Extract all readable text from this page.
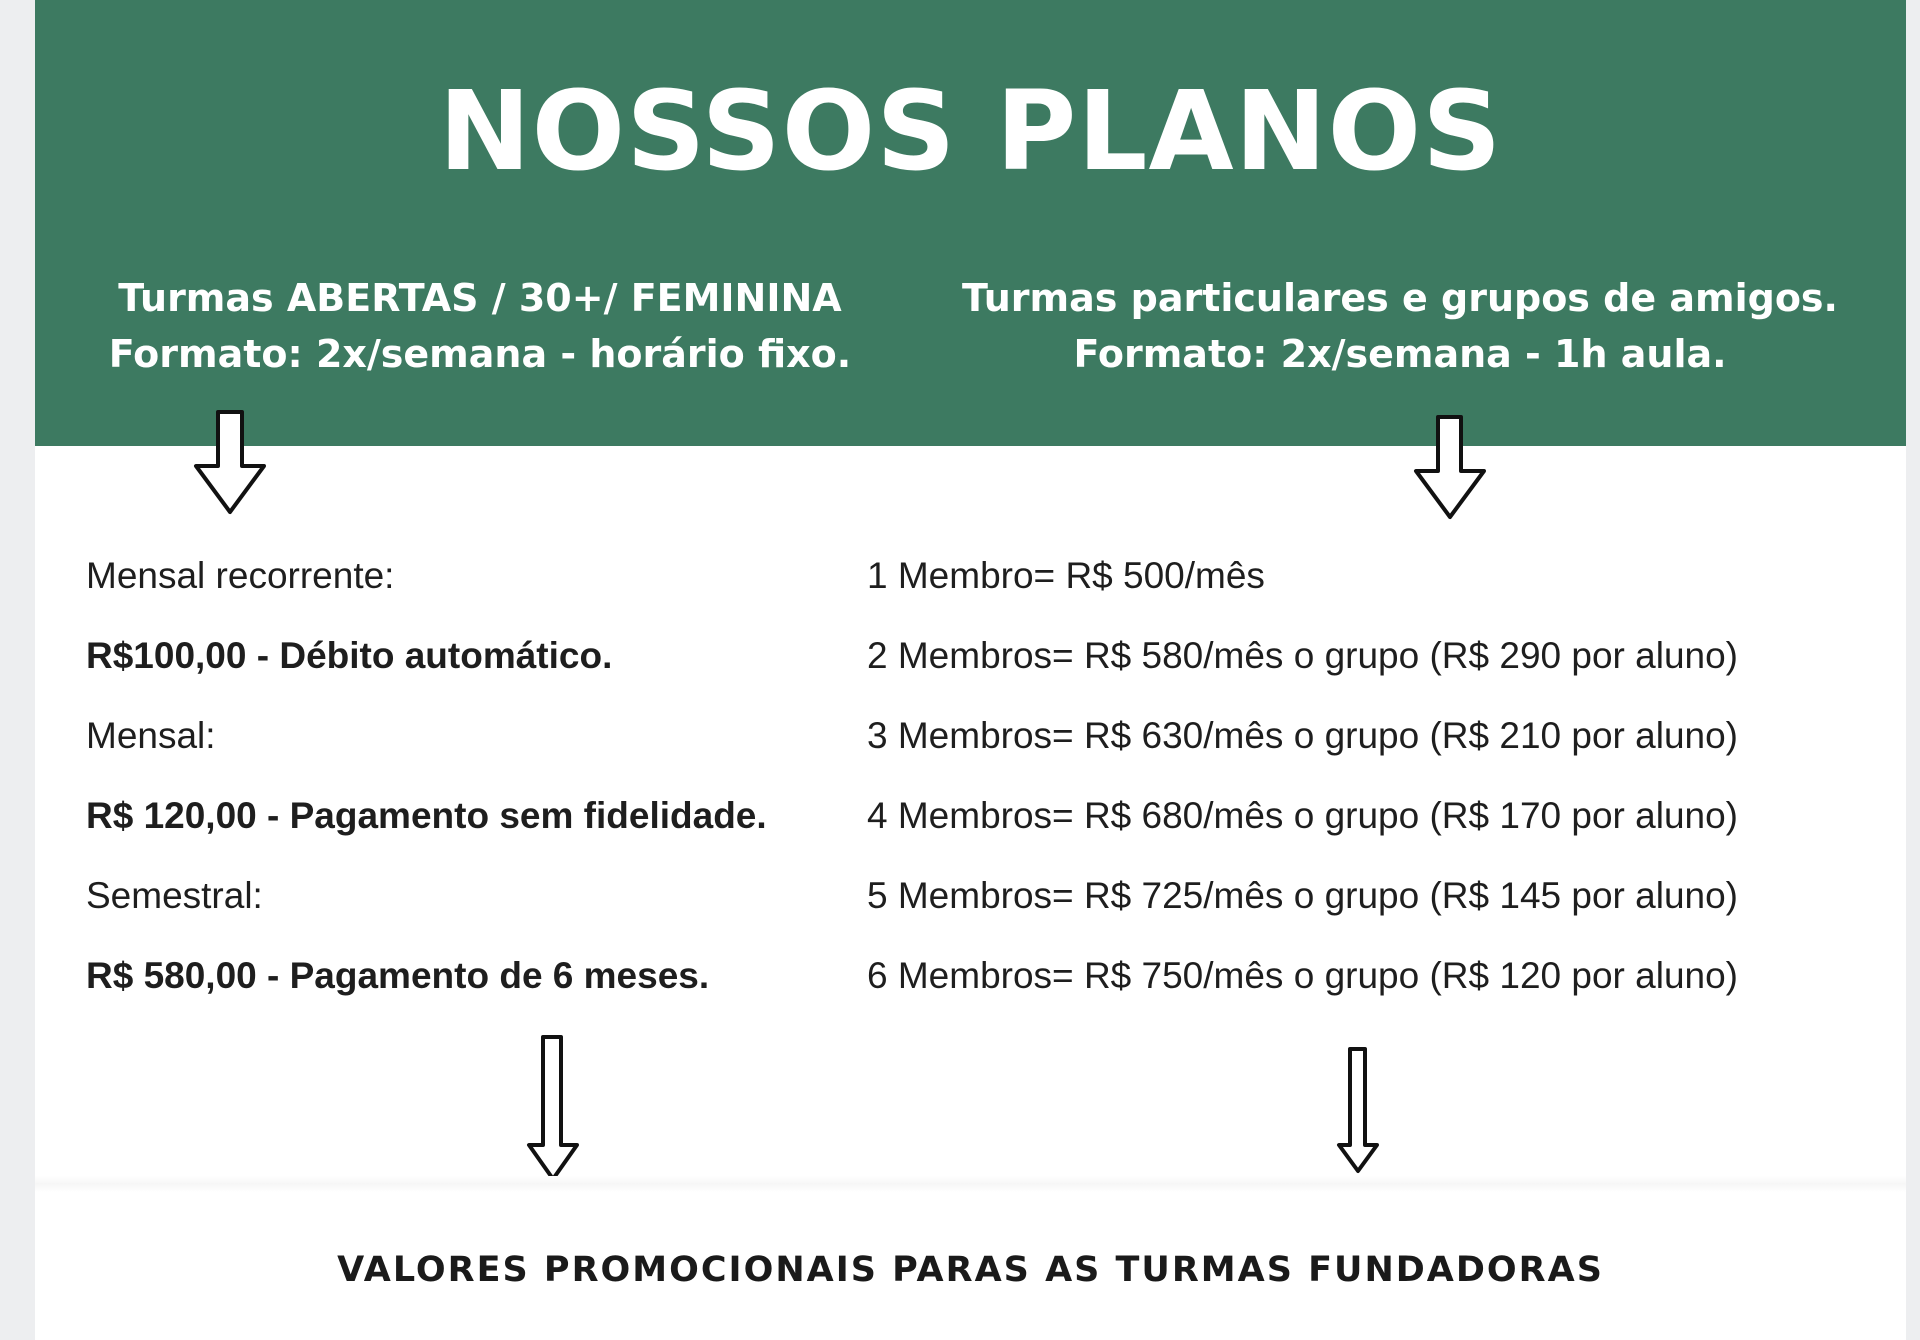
NOSSOS PLANOS
Turmas ABERTAS / 30+/ FEMININA
Formato: 2x/semana - horário fixo.
Turmas particulares e grupos de amigos.
Formato: 2x/semana - 1h aula.
Mensal recorrente:
R$100,00 - Débito automático.
Mensal:
R$ 120,00 - Pagamento sem fidelidade.
Semestral:
R$ 580,00 - Pagamento de 6 meses.
1 Membro= R$ 500/mês
2 Membros= R$ 580/mês o grupo (R$ 290 por aluno)
3 Membros= R$ 630/mês o grupo (R$ 210 por aluno)
4 Membros= R$ 680/mês o grupo (R$ 170 por aluno)
5 Membros= R$ 725/mês o grupo (R$ 145 por aluno)
6 Membros= R$ 750/mês o grupo (R$ 120 por aluno)
VALORES PROMOCIONAIS PARAS AS TURMAS FUNDADORAS
